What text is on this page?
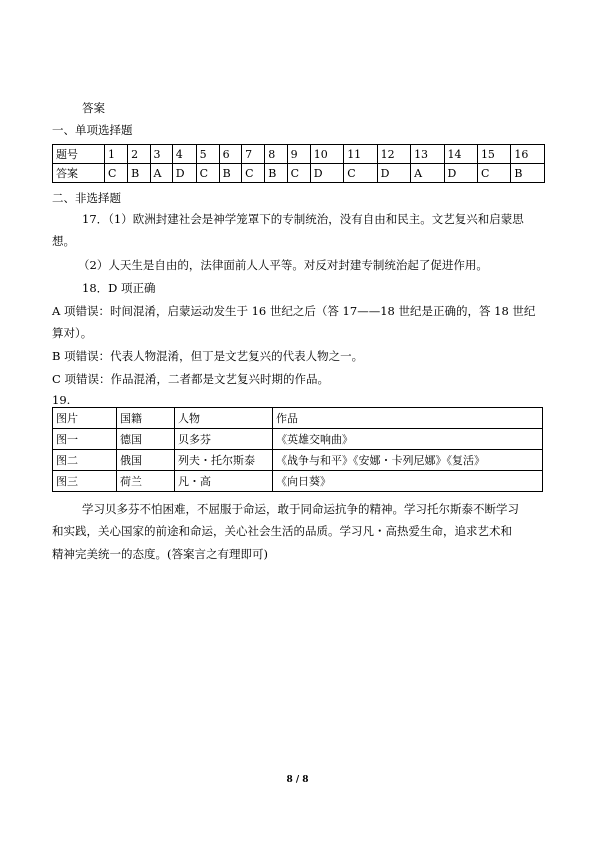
答案
一、单项选择题
题号	1	2	3	4	5	6	7	8	9	10	11	12	13	14	15	16
答案	C	B	A	D	C	B	C	B	C	D	C	D	A	D	C	B
二、非选择题
17．（1）欧洲封建社会是神学笼罩下的专制统治，没有自由和民主。文艺复兴和启蒙思
想。
（2）人天生是自由的，法律面前人人平等。对反对封建专制统治起了促进作用。
18．D 项正确
A 项错误：时间混淆，启蒙运动发生于 16 世纪之后（答 17——18 世纪是正确的，答 18 世纪
算对）。
B 项错误：代表人物混淆，但丁是文艺复兴的代表人物之一。
C 项错误：作品混淆，二者都是文艺复兴时期的作品。
19.
图片	国籍	人物	作品
图一	德国	贝多芬	《英雄交响曲》
图二	俄国	列夫・托尔斯泰	《战争与和平》《安娜・卡列尼娜》《复活》
图三	荷兰	凡・高	《向日葵》
学习贝多芬不怕困难，不屈服于命运，敢于同命运抗争的精神。学习托尔斯泰不断学习
和实践，关心国家的前途和命运，关心社会生活的品质。学习凡・高热爱生命，追求艺术和
精神完美统一的态度。(答案言之有理即可)
8 / 8
